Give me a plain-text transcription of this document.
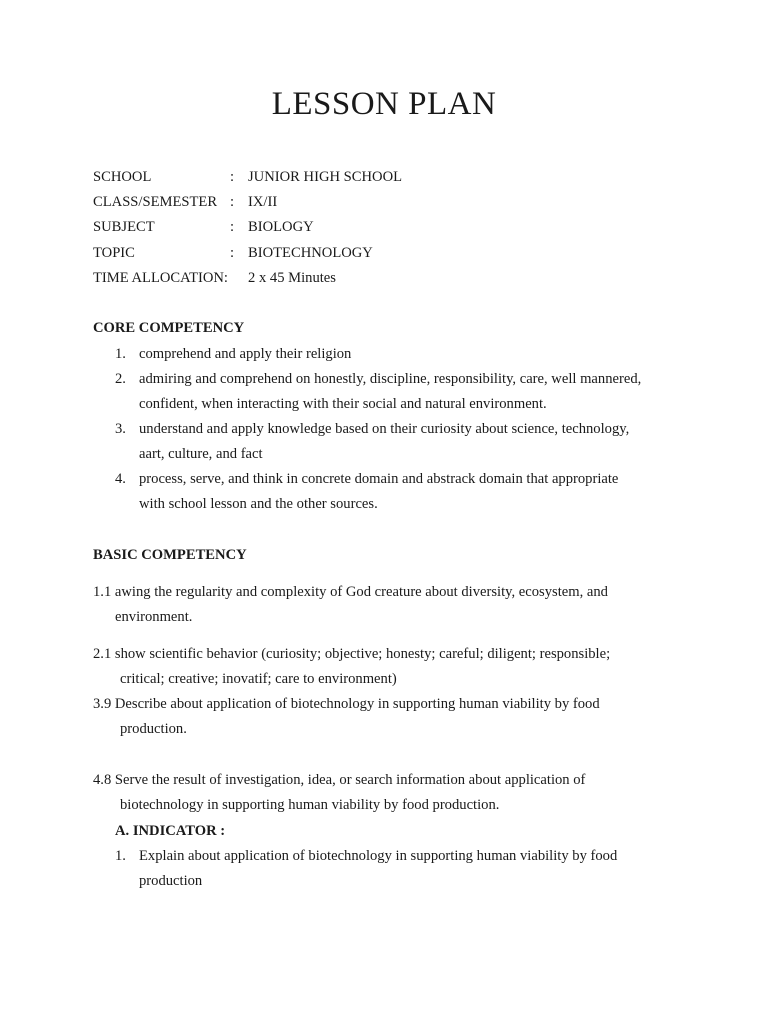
LESSON PLAN
SCHOOL	: JUNIOR HIGH SCHOOL
CLASS/SEMESTER : IX/II
SUBJECT	: BIOLOGY
TOPIC	: BIOTECHNOLOGY
TIME ALLOCATION: 2 x 45 Minutes
CORE COMPETENCY
1. comprehend and apply their religion
2. admiring and comprehend on honestly, discipline, responsibility, care, well mannered,
confident, when interacting with their social and natural environment.
3. understand and apply knowledge based on their curiosity about science, technology,
aart, culture, and fact
4. process, serve, and think in concrete domain and abstrack domain that appropriate
with school lesson and the other sources.
BASIC COMPETENCY
1.1 awing the regularity and complexity of God creature about diversity, ecosystem, and
environment.
2.1 show scientific behavior (curiosity; objective; honesty; careful; diligent; responsible;
critical; creative; inovatif; care to environment)
3.9 Describe about application of biotechnology in supporting human viability by food
production.
4.8 Serve the result of investigation, idea, or search information about application of
biotechnology in supporting human viability by food production.
A. INDICATOR :
1. Explain about application of biotechnology in supporting human viability by food
production
